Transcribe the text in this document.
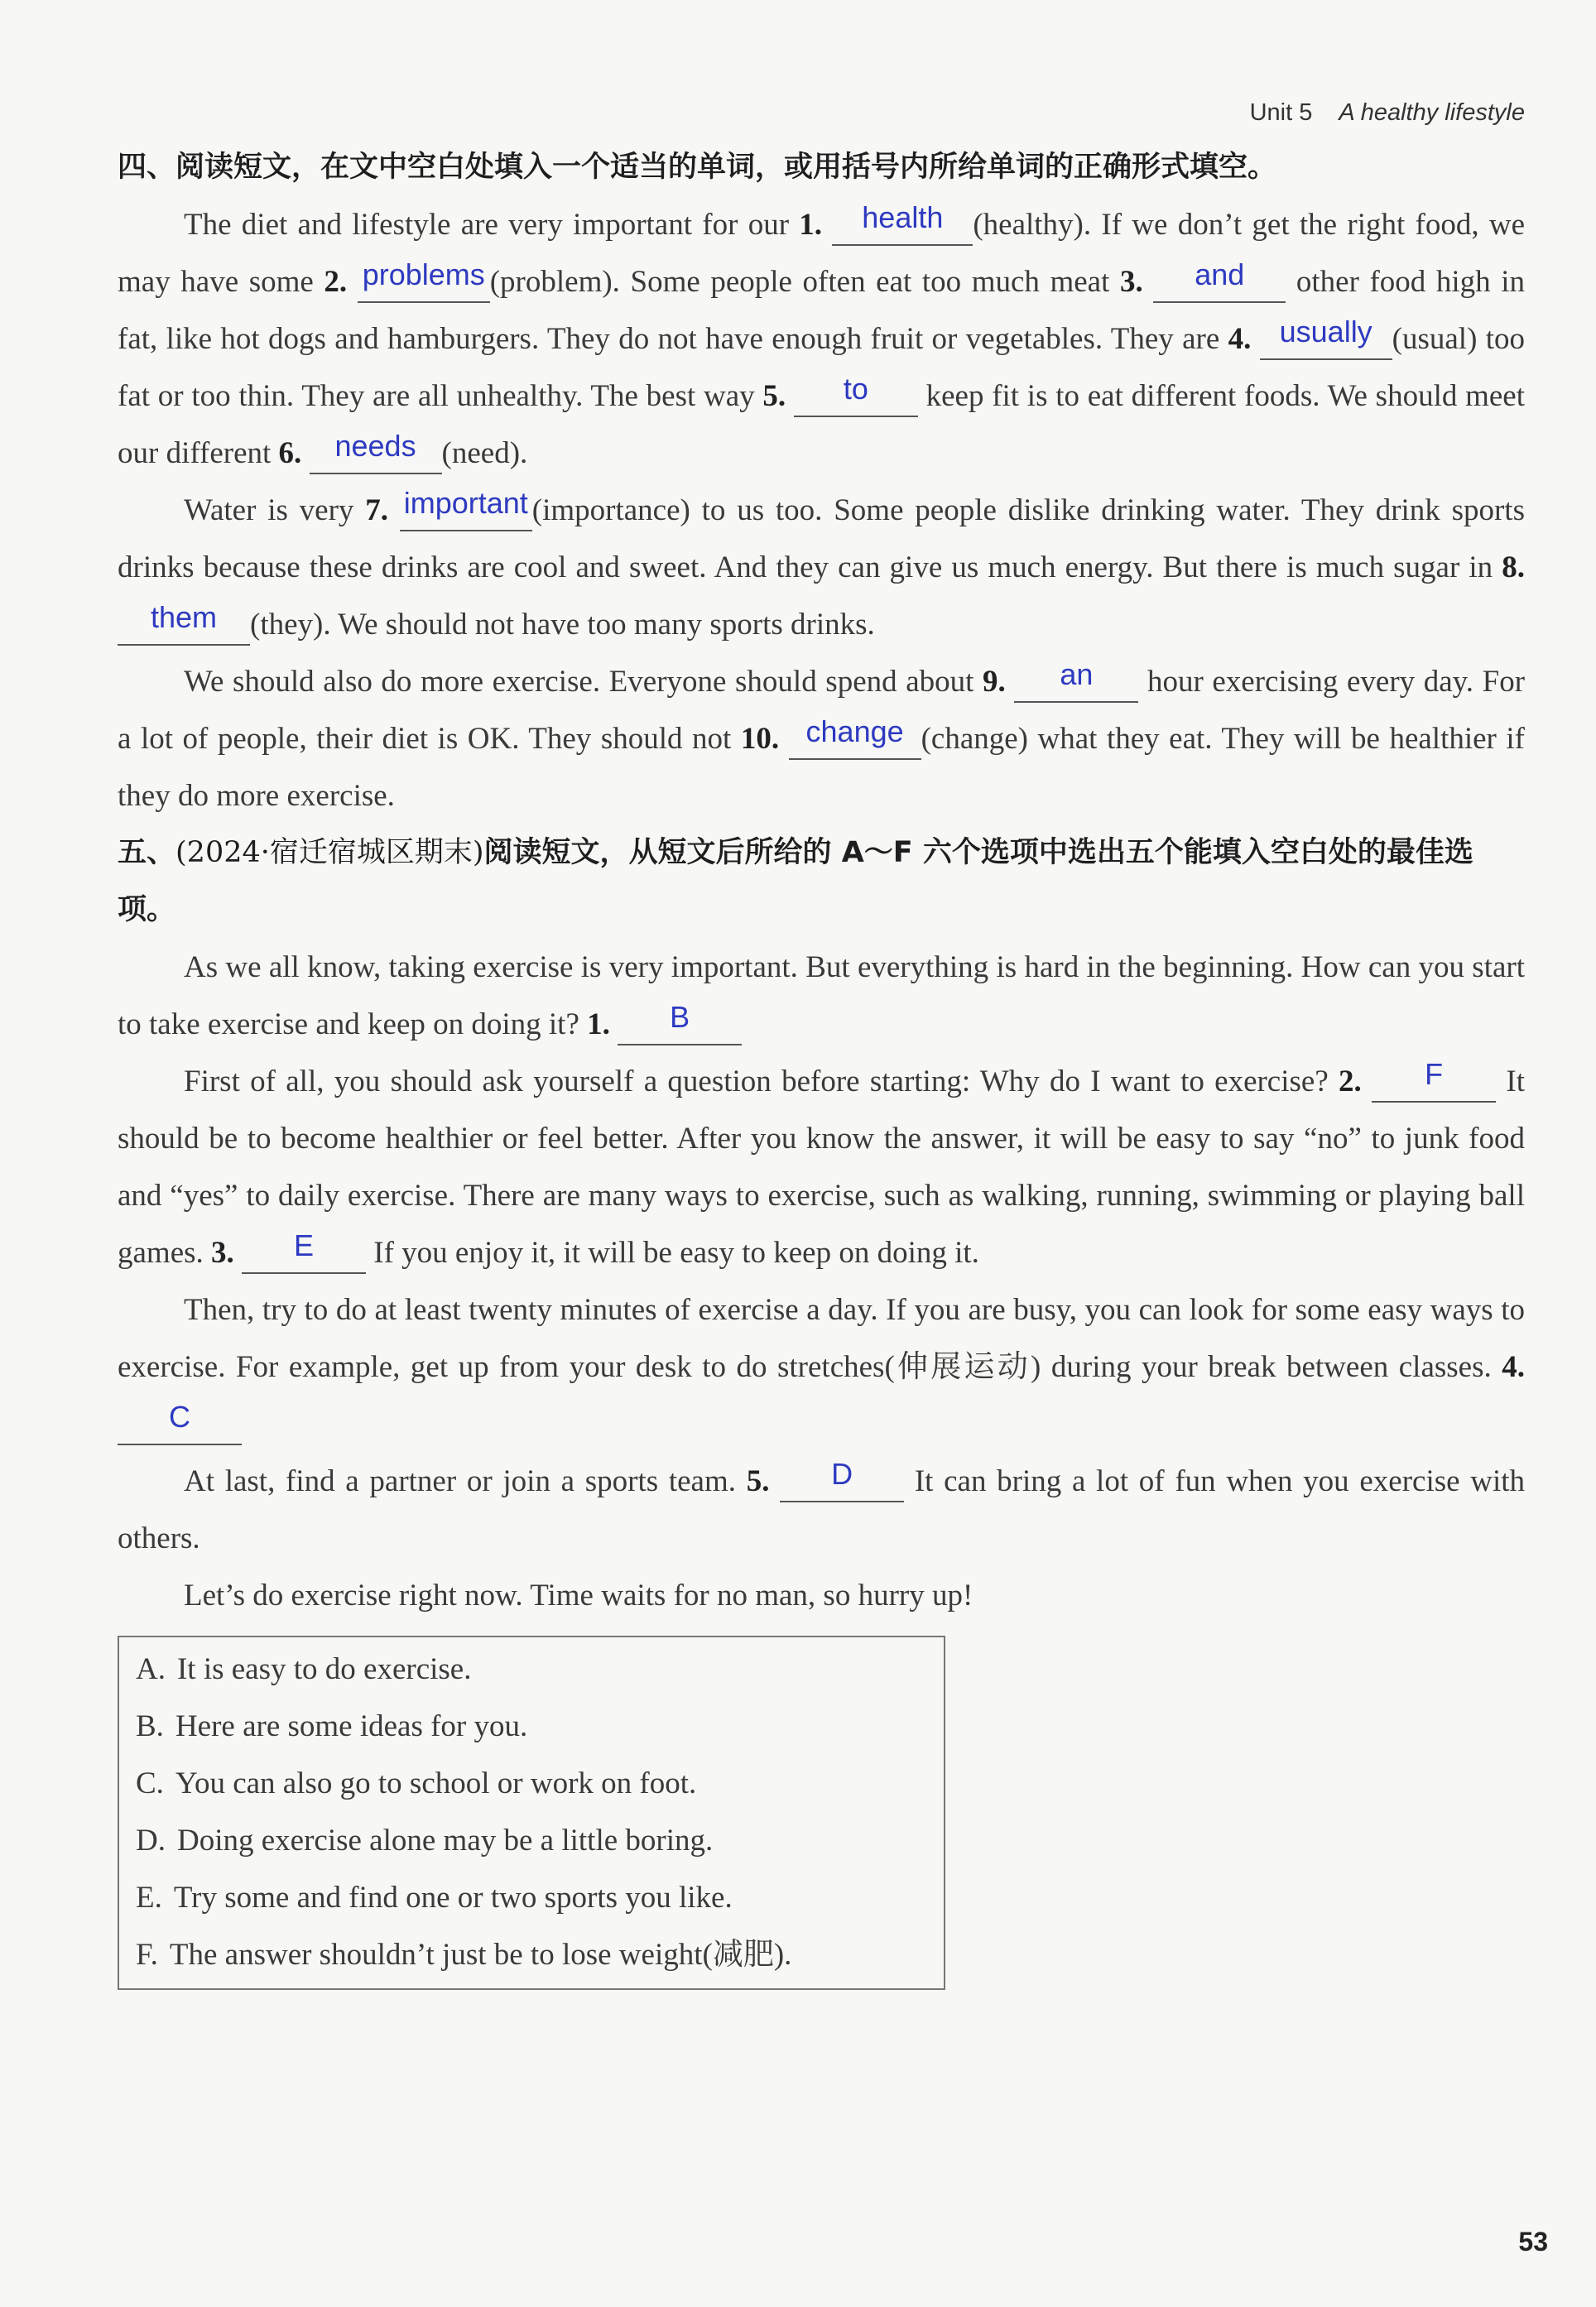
Unit 5 A healthy lifestyle

四、阅读短文，在文中空白处填入一个适当的单词，或用括号内所给单词的正确形式填空。

The diet and lifestyle are very important for our 1. health (healthy). If we don’t get the right food, we may have some 2. problems (problem). Some people often eat too much meat 3. and other food high in fat, like hot dogs and hamburgers. They do not have enough fruit or vegetables. They are 4. usually (usual) too fat or too thin. They are all unhealthy. The best way 5. to keep fit is to eat different foods. We should meet our different 6. needs (need).

Water is very 7. important (importance) to us too. Some people dislike drinking water. They drink sports drinks because these drinks are cool and sweet. And they can give us much energy. But there is much sugar in 8. them (they). We should not have too many sports drinks.

We should also do more exercise. Everyone should spend about 9. an hour exercising every day. For a lot of people, their diet is OK. They should not 10. change (change) what they eat. They will be healthier if they do more exercise.

五、(2024·宿迁宿城区期末)阅读短文，从短文后所给的 A～F 六个选项中选出五个能填入空白处的最佳选项。

As we all know, taking exercise is very important. But everything is hard in the beginning. How can you start to take exercise and keep on doing it? 1. B

First of all, you should ask yourself a question before starting: Why do I want to exercise? 2. F It should be to become healthier or feel better. After you know the answer, it will be easy to say “no” to junk food and “yes” to daily exercise. There are many ways to exercise, such as walking, running, swimming or playing ball games. 3. E If you enjoy it, it will be easy to keep on doing it.

Then, try to do at least twenty minutes of exercise a day. If you are busy, you can look for some easy ways to exercise. For example, get up from your desk to do stretches(伸展运动) during your break between classes. 4. C

At last, find a partner or join a sports team. 5. D It can bring a lot of fun when you exercise with others.

Let’s do exercise right now. Time waits for no man, so hurry up!

A. It is easy to do exercise.
B. Here are some ideas for you.
C. You can also go to school or work on foot.
D. Doing exercise alone may be a little boring.
E. Try some and find one or two sports you like.
F. The answer shouldn’t just be to lose weight(减肥).
53
